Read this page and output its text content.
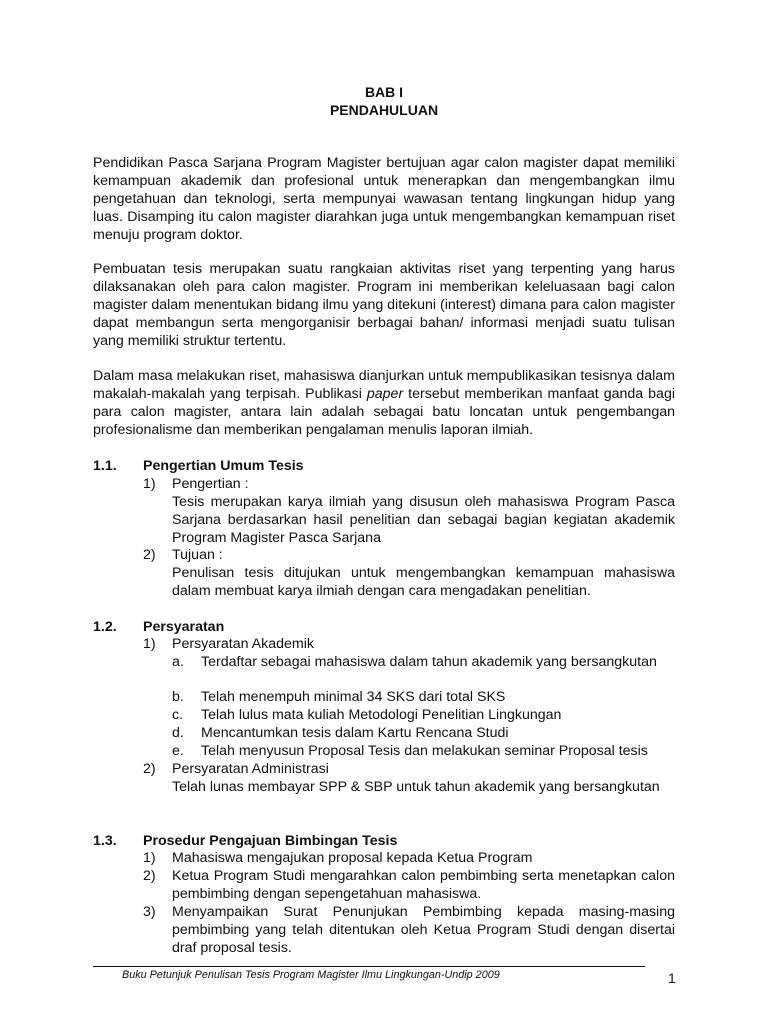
BAB I
PENDAHULUAN

Pendidikan Pasca Sarjana Program Magister bertujuan agar calon magister dapat memiliki kemampuan akademik dan profesional untuk menerapkan dan mengembangkan ilmu pengetahuan dan teknologi, serta mempunyai wawasan tentang lingkungan hidup yang luas. Disamping itu calon magister diarahkan juga untuk mengembangkan kemampuan riset menuju program doktor.

Pembuatan tesis merupakan suatu rangkaian aktivitas riset yang terpenting yang harus dilaksanakan oleh para calon magister. Program ini memberikan keleluasaan bagi calon magister dalam menentukan bidang ilmu yang ditekuni (interest) dimana para calon magister dapat membangun serta mengorganisir berbagai bahan/ informasi menjadi suatu tulisan yang memiliki struktur tertentu.

Dalam masa melakukan riset, mahasiswa dianjurkan untuk mempublikasikan tesisnya dalam makalah-makalah yang terpisah. Publikasi paper tersebut memberikan manfaat ganda bagi para calon magister, antara lain adalah sebagai batu loncatan untuk pengembangan profesionalisme dan memberikan pengalaman menulis laporan ilmiah.

1.1. Pengertian Umum Tesis
1) Pengertian :
Tesis merupakan karya ilmiah yang disusun oleh mahasiswa Program Pasca Sarjana berdasarkan hasil penelitian dan sebagai bagian kegiatan akademik Program Magister Pasca Sarjana
2) Tujuan :
Penulisan tesis ditujukan untuk mengembangkan kemampuan mahasiswa dalam membuat karya ilmiah dengan cara mengadakan penelitian.
1.2. Persyaratan
1) Persyaratan Akademik
a. Terdaftar sebagai mahasiswa dalam tahun akademik yang bersangkutan
b. Telah menempuh minimal 34 SKS dari total SKS
c. Telah lulus mata kuliah Metodologi Penelitian Lingkungan
d. Mencantumkan tesis dalam Kartu Rencana Studi
e. Telah menyusun Proposal Tesis dan melakukan seminar Proposal tesis
2) Persyaratan Administrasi
Telah lunas membayar SPP & SBP untuk tahun akademik yang bersangkutan
1.3. Prosedur Pengajuan Bimbingan Tesis
1) Mahasiswa mengajukan proposal kepada Ketua Program
2) Ketua Program Studi mengarahkan calon pembimbing serta menetapkan calon pembimbing dengan sepengetahuan mahasiswa.
3) Menyampaikan Surat Penunjukan Pembimbing kepada masing-masing pembimbing yang telah ditentukan oleh Ketua Program Studi dengan disertai draf proposal tesis.
Buku Petunjuk Penulisan Tesis Program Magister Ilmu Lingkungan-Undip 2009	1
